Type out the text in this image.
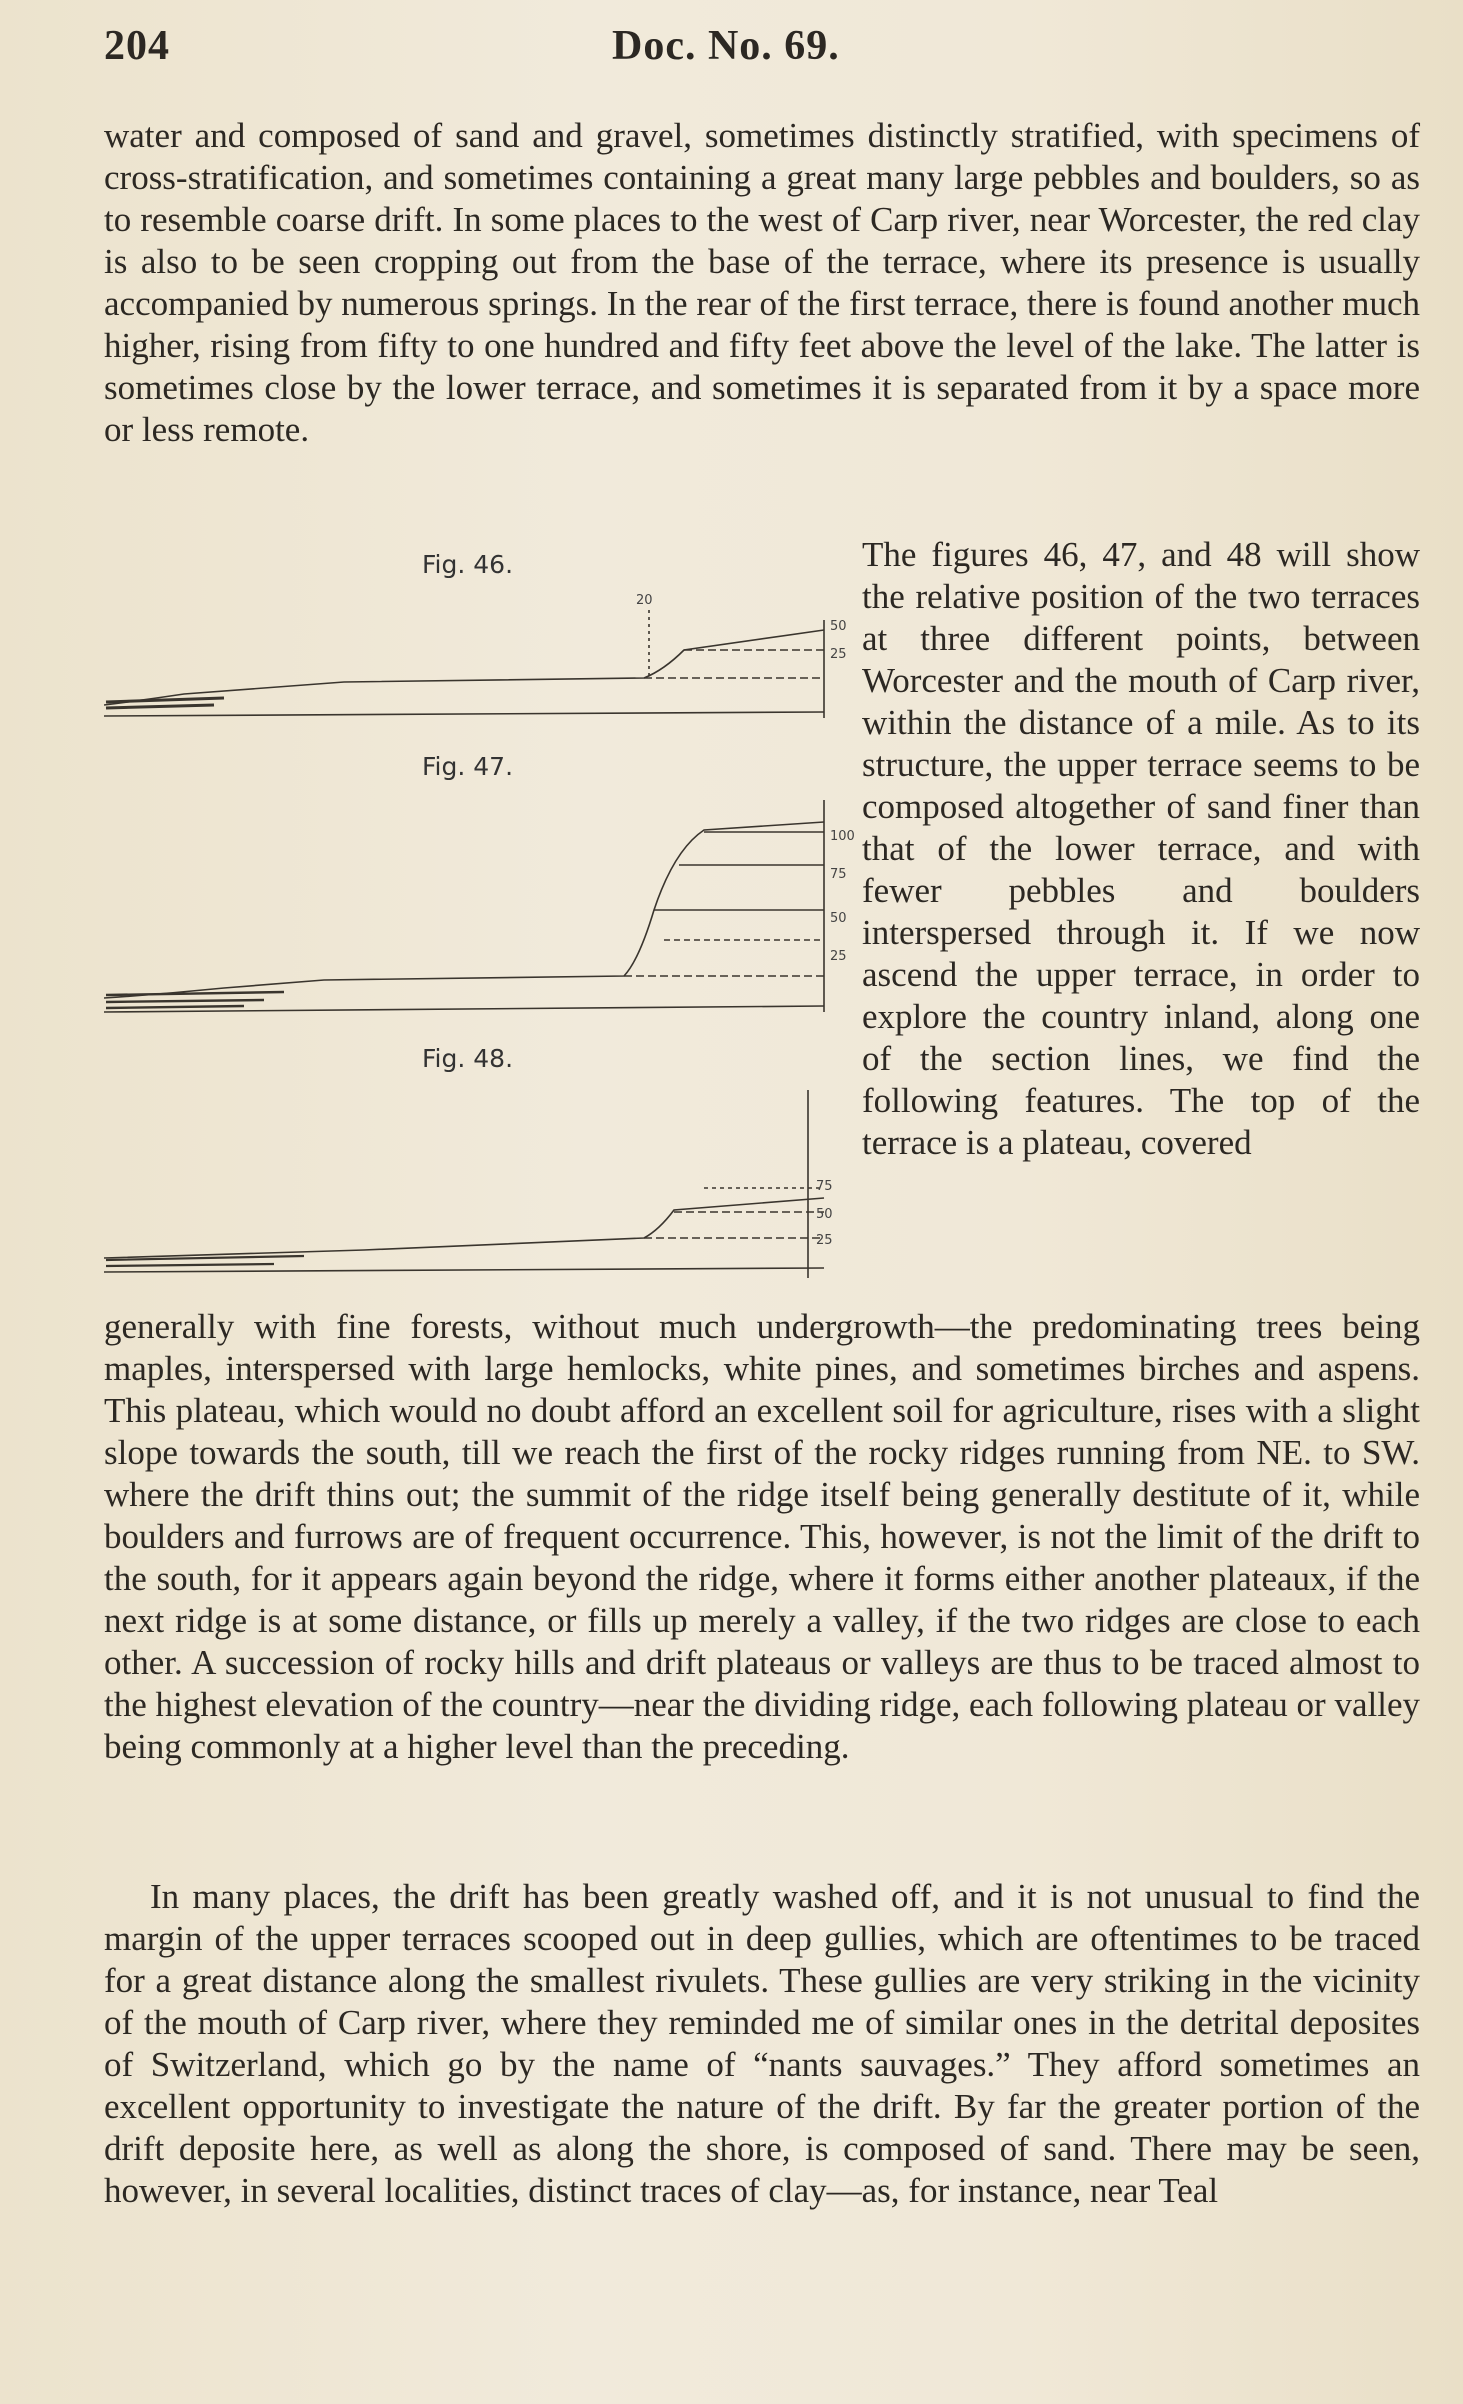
204	Doc. No. 69.

water and composed of sand and gravel, sometimes distinctly stratified, with specimens of cross-stratification, and sometimes containing a great many large pebbles and boulders, so as to resemble coarse drift. In some places to the west of Carp river, near Worcester, the red clay is also to be seen cropping out from the base of the terrace, where its presence is usually accompanied by numerous springs. In the rear of the first terrace, there is found another much higher, rising from fifty to one hundred and fifty feet above the level of the lake. The latter is sometimes close by the lower terrace, and sometimes it is separated from it by a space more or less remote.

Fig. 46.
20
50
25
Fig. 47.
100
75
50
25
Fig. 48.
75
50
25

The figures 46, 47, and 48 will show the relative position of the two terraces at three different points, between Worcester and the mouth of Carp river, within the distance of a mile. As to its structure, the upper terrace seems to be composed altogether of sand finer than that of the lower terrace, and with fewer pebbles and boulders interspersed through it. If we now ascend the upper terrace, in order to explore the country inland, along one of the section lines, we find the following features. The top of the terrace is a plateau, covered

generally with fine forests, without much undergrowth—the predominating trees being maples, interspersed with large hemlocks, white pines, and sometimes birches and aspens. This plateau, which would no doubt afford an excellent soil for agriculture, rises with a slight slope towards the south, till we reach the first of the rocky ridges running from NE. to SW. where the drift thins out; the summit of the ridge itself being generally destitute of it, while boulders and furrows are of frequent occurrence. This, however, is not the limit of the drift to the south, for it appears again beyond the ridge, where it forms either another plateaux, if the next ridge is at some distance, or fills up merely a valley, if the two ridges are close to each other. A succession of rocky hills and drift plateaus or valleys are thus to be traced almost to the highest elevation of the country—near the dividing ridge, each following plateau or valley being commonly at a higher level than the preceding.

In many places, the drift has been greatly washed off, and it is not unusual to find the margin of the upper terraces scooped out in deep gullies, which are oftentimes to be traced for a great distance along the smallest rivulets. These gullies are very striking in the vicinity of the mouth of Carp river, where they reminded me of similar ones in the detrital deposites of Switzerland, which go by the name of “nants sauvages.” They afford sometimes an excellent opportunity to investigate the nature of the drift. By far the greater portion of the drift deposite here, as well as along the shore, is composed of sand. There may be seen, however, in several localities, distinct traces of clay—as, for instance, near Teal
